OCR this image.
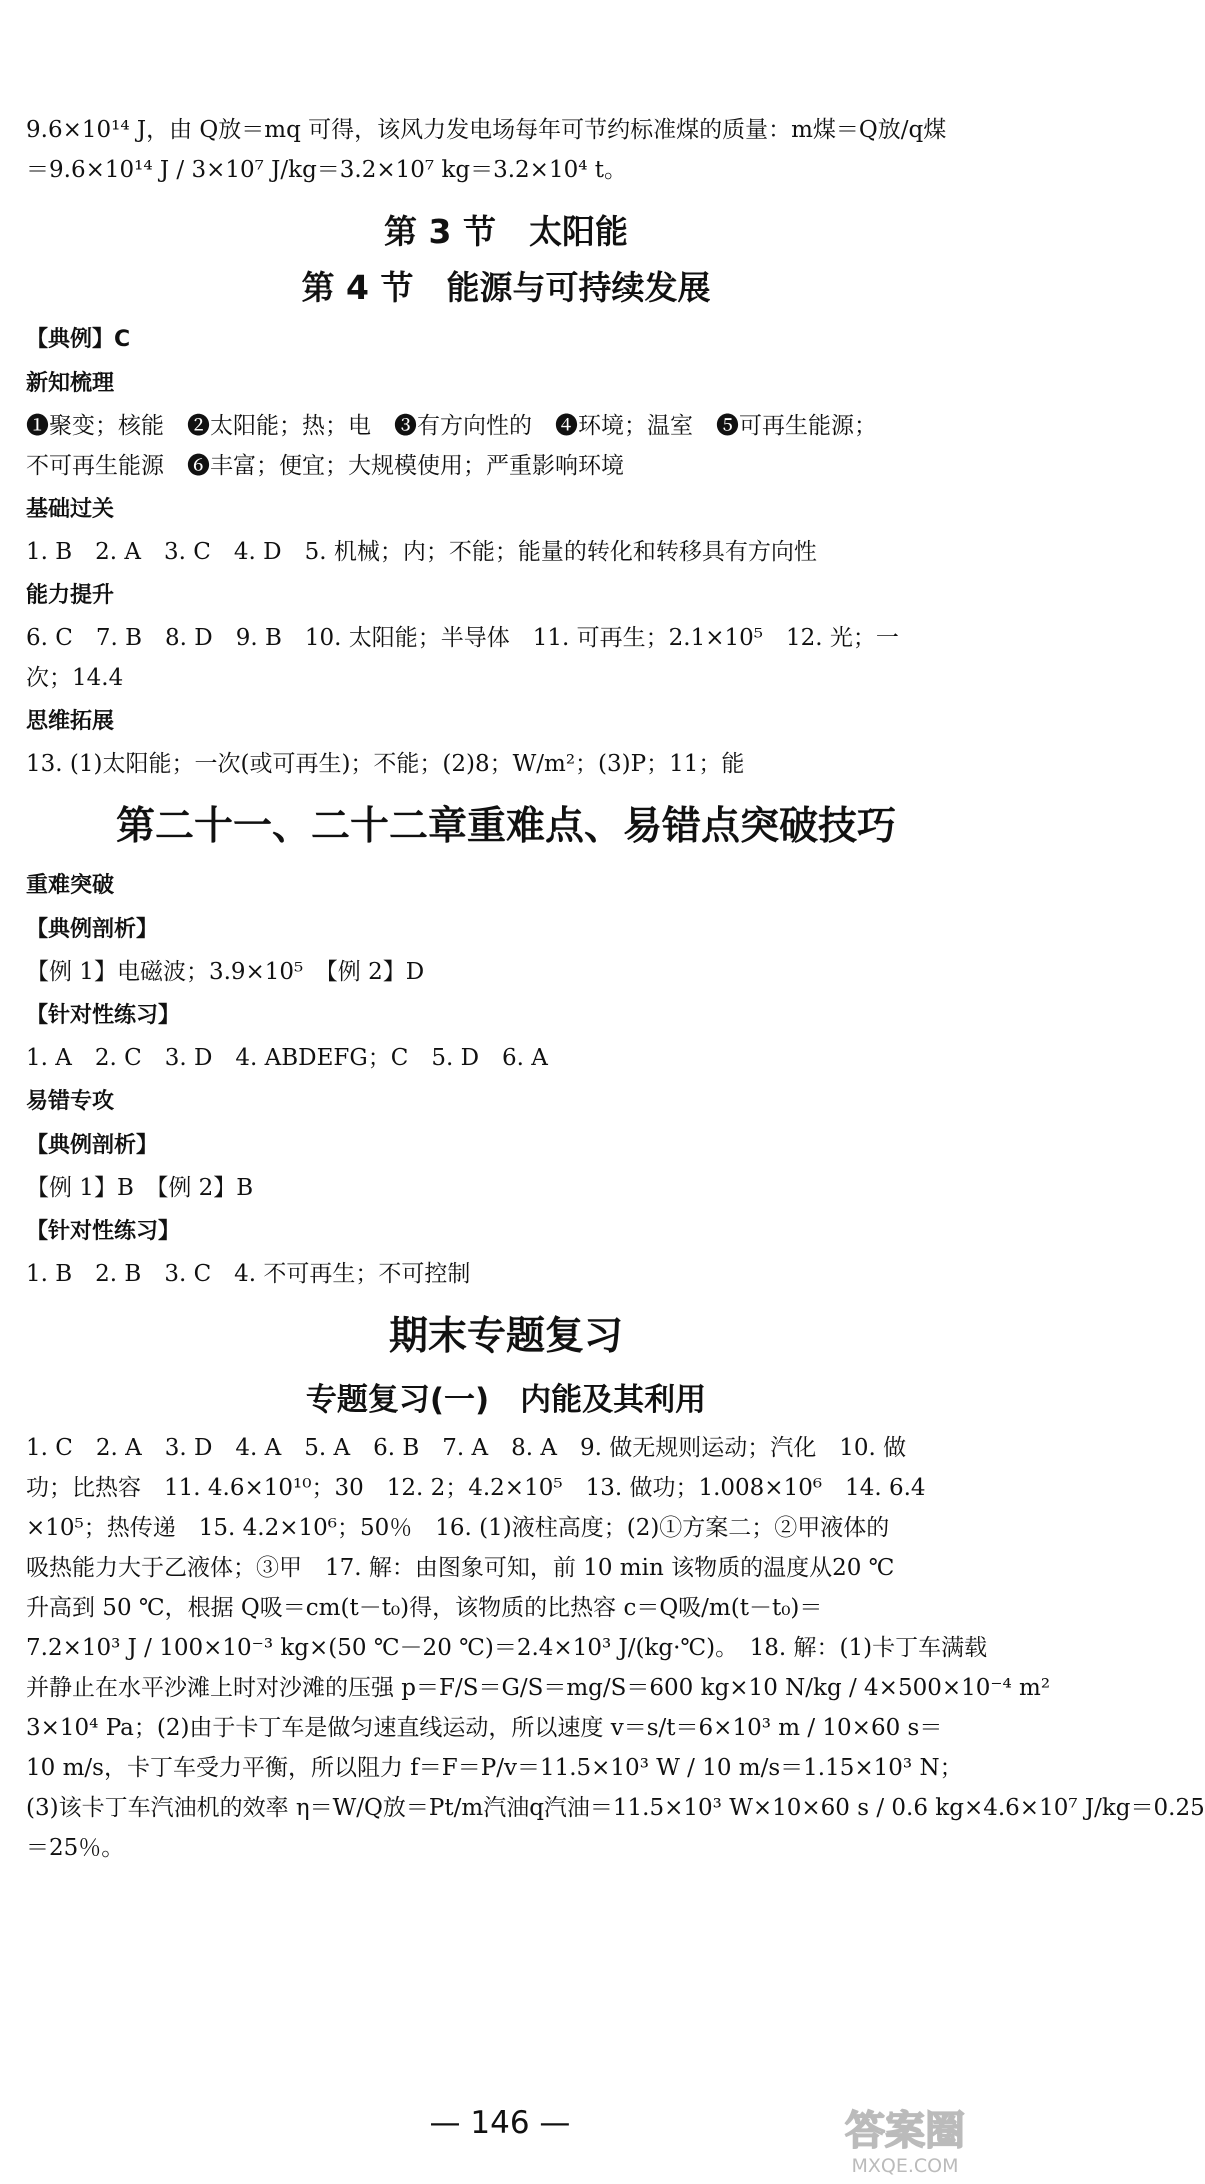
9.6×10¹⁴ J，由 Q放＝mq 可得，该风力发电场每年可节约标准煤的质量：m煤＝Q放/q煤
＝9.6×10¹⁴ J / 3×10⁷ J/kg＝3.2×10⁷ kg＝3.2×10⁴ t。
第 3 节　太阳能
第 4 节　能源与可持续发展
【典例】C
新知梳理
❶聚变；核能　❷太阳能；热；电　❸有方向性的　❹环境；温室　❺可再生能源；
不可再生能源　❻丰富；便宜；大规模使用；严重影响环境
基础过关
1. B　2. A　3. C　4. D　5. 机械；内；不能；能量的转化和转移具有方向性
能力提升
6. C　7. B　8. D　9. B　10. 太阳能；半导体　11. 可再生；2.1×10⁵　12. 光；一
次；14.4
思维拓展
13. (1)太阳能；一次(或可再生)；不能；(2)8；W/m²；(3)P；11；能
第二十一、二十二章重难点、易错点突破技巧
重难突破
【典例剖析】
【例 1】电磁波；3.9×10⁵　【例 2】D
【针对性练习】
1. A　2. C　3. D　4. ABDEFG；C　5. D　6. A
易错专攻
【典例剖析】
【例 1】B　【例 2】B
【针对性练习】
1. B　2. B　3. C　4. 不可再生；不可控制
期末专题复习
专题复习(一)　内能及其利用
1. C　2. A　3. D　4. A　5. A　6. B　7. A　8. A　9. 做无规则运动；汽化　10. 做
功；比热容　11. 4.6×10¹⁰；30　12. 2；4.2×10⁵　13. 做功；1.008×10⁶　14. 6.4
×10⁵；热传递　15. 4.2×10⁶；50％　16. (1)液柱高度；(2)①方案二；②甲液体的
吸热能力大于乙液体；③甲　17. 解：由图象可知，前 10 min 该物质的温度从20 ℃
升高到 50 ℃，根据 Q吸＝cm(t－t₀)得，该物质的比热容 c＝Q吸/m(t－t₀)＝
7.2×10³ J / 100×10⁻³ kg×(50 ℃－20 ℃)＝2.4×10³ J/(kg·℃)。　18. 解：(1)卡丁车满载
并静止在水平沙滩上时对沙滩的压强 p＝F/S＝G/S＝mg/S＝600 kg×10 N/kg / 4×500×10⁻⁴ m²
3×10⁴ Pa；(2)由于卡丁车是做匀速直线运动，所以速度 v＝s/t＝6×10³ m / 10×60 s＝
10 m/s，卡丁车受力平衡，所以阻力 f＝F＝P/v＝11.5×10³ W / 10 m/s＝1.15×10³ N；
(3)该卡丁车汽油机的效率 η＝W/Q放＝Pt/m汽油q汽油＝11.5×10³ W×10×60 s / 0.6 kg×4.6×10⁷ J/kg＝0.25
＝25％。
— 146 —	答案圈
MXQE.COM
